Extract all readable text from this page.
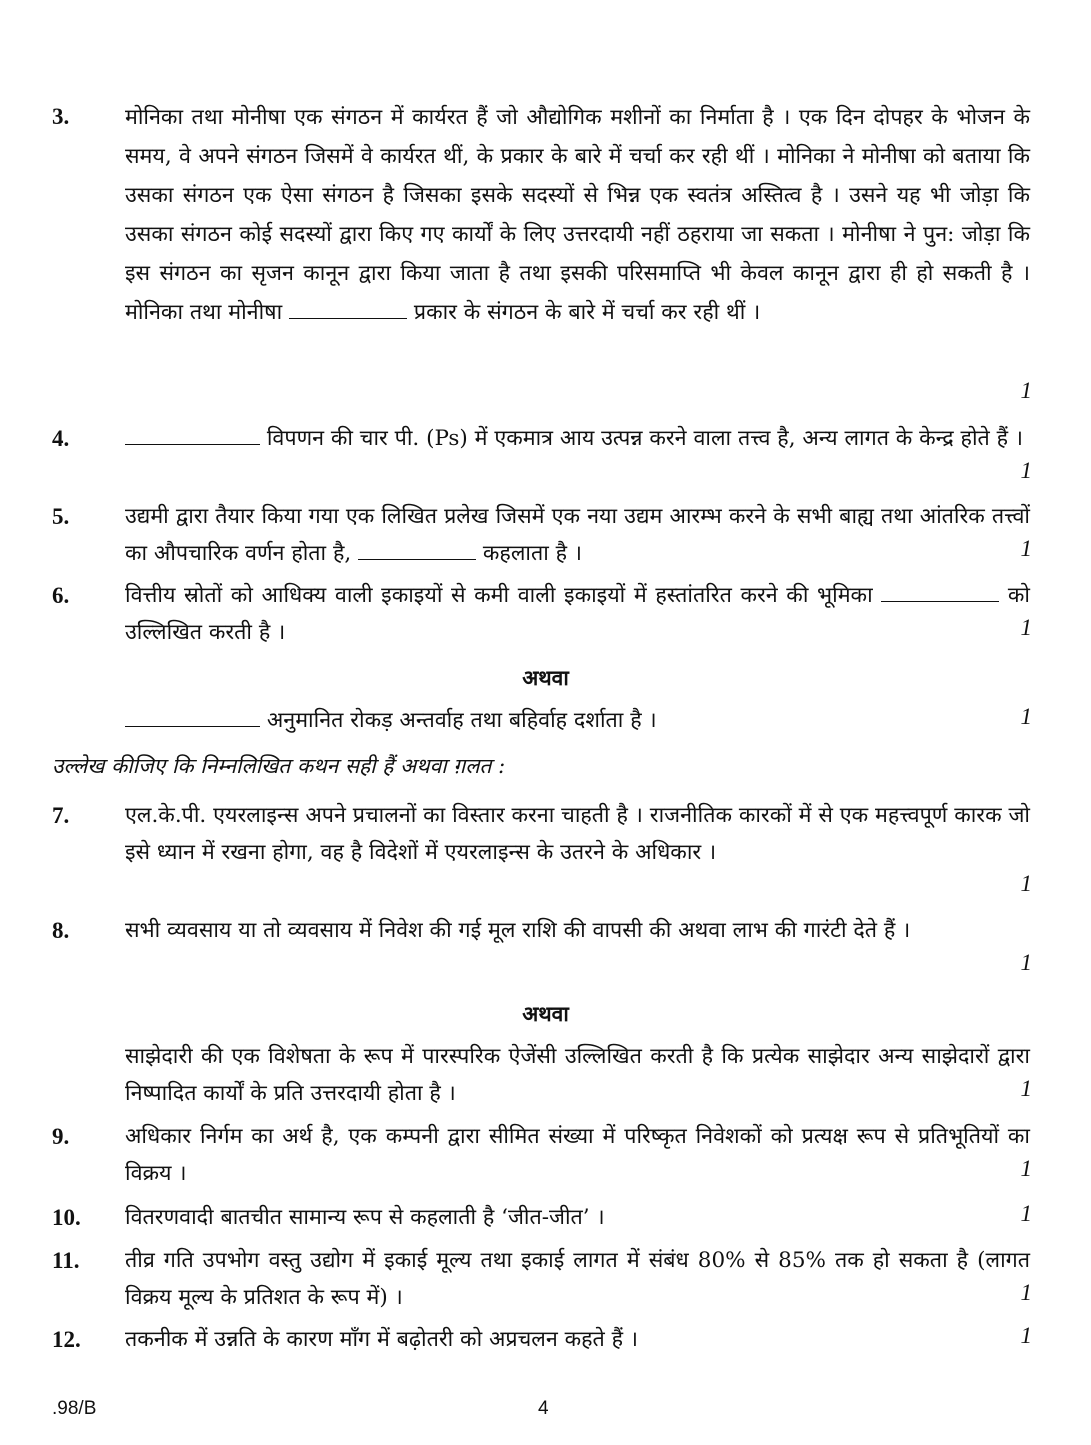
3.	मोनिका तथा मोनीषा एक संगठन में कार्यरत हैं जो औद्योगिक मशीनों का निर्माता है । एक दिन दोपहर के भोजन के समय, वे अपने संगठन जिसमें वे कार्यरत थीं, के प्रकार के बारे में चर्चा कर रही थीं । मोनिका ने मोनीषा को बताया कि उसका संगठन एक ऐसा संगठन है जिसका इसके सदस्यों से भिन्न एक स्वतंत्र अस्तित्व है । उसने यह भी जोड़ा कि उसका संगठन कोई सदस्यों द्वारा किए गए कार्यों के लिए उत्तरदायी नहीं ठहराया जा सकता । मोनीषा ने पुन: जोड़ा कि इस संगठन का सृजन कानून द्वारा किया जाता है तथा इसकी परिसमाप्ति भी केवल कानून द्वारा ही हो सकती है । मोनिका तथा मोनीषा	प्रकार के संगठन के बारे में चर्चा कर रही थीं ।
1
4.	विपणन की चार पी. (Ps) में एकमात्र आय उत्पन्न करने वाला तत्त्व है, अन्य लागत के केन्द्र होते हैं ।
1
5.	उद्यमी द्वारा तैयार किया गया एक लिखित प्रलेख जिसमें एक नया उद्यम आरम्भ करने के सभी बाह्य तथा आंतरिक तत्त्वों का औपचारिक वर्णन होता है,	कहलाता है ।	1
6.	वित्तीय स्रोतों को आधिक्य वाली इकाइयों से कमी वाली इकाइयों में हस्तांतरित करने की भूमिका	को उल्लिखित करती है ।	1
अथवा
अनुमानित रोकड़ अन्तर्वाह तथा बहिर्वाह दर्शाता है ।	1
उल्लेख कीजिए कि निम्नलिखित कथन सही हैं अथवा ग़लत :
7.	एल.के.पी. एयरलाइन्स अपने प्रचालनों का विस्तार करना चाहती है । राजनीतिक कारकों में से एक महत्त्वपूर्ण कारक जो इसे ध्यान में रखना होगा, वह है विदेशों में एयरलाइन्स के उतरने के अधिकार ।
1
8.	सभी व्यवसाय या तो व्यवसाय में निवेश की गई मूल राशि की वापसी की अथवा लाभ की गारंटी देते हैं ।
1
अथवा
साझेदारी की एक विशेषता के रूप में पारस्परिक ऐजेंसी उल्लिखित करती है कि प्रत्येक साझेदार अन्य साझेदारों द्वारा निष्पादित कार्यों के प्रति उत्तरदायी होता है ।	1
9.	अधिकार निर्गम का अर्थ है, एक कम्पनी द्वारा सीमित संख्या में परिष्कृत निवेशकों को प्रत्यक्ष रूप से प्रतिभूतियों का विक्रय ।	1
10. वितरणवादी बातचीत सामान्य रूप से कहलाती है ‘जीत-जीत’ ।	1
11. तीव्र गति उपभोग वस्तु उद्योग में इकाई मूल्य तथा इकाई लागत में संबंध 80% से 85% तक हो सकता है (लागत विक्रय मूल्य के प्रतिशत के रूप में) ।	1
12. तकनीक में उन्नति के कारण माँग में बढ़ोतरी को अप्रचलन कहते हैं ।	1
.98/B	4
